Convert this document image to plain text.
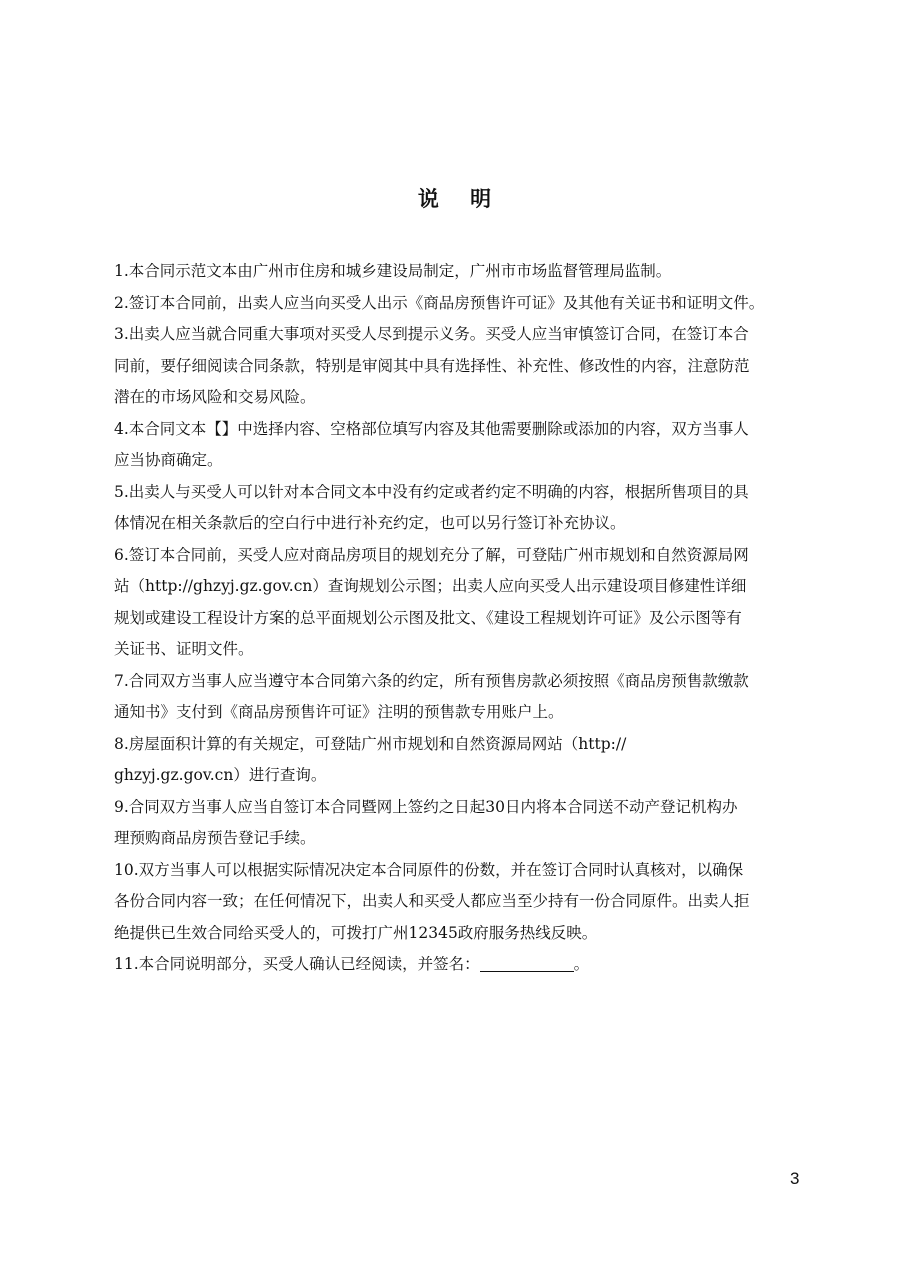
说 明

1.本合同示范文本由广州市住房和城乡建设局制定，广州市市场监督管理局监制。

2.签订本合同前，出卖人应当向买受人出示《商品房预售许可证》及其他有关证书和证明文件。

3.出卖人应当就合同重大事项对买受人尽到提示义务。买受人应当审慎签订合同，在签订本合
同前，要仔细阅读合同条款，特别是审阅其中具有选择性、补充性、修改性的内容，注意防范
潜在的市场风险和交易风险。

4.本合同文本【】中选择内容、空格部位填写内容及其他需要删除或添加的内容，双方当事人
应当协商确定。

5.出卖人与买受人可以针对本合同文本中没有约定或者约定不明确的内容，根据所售项目的具
体情况在相关条款后的空白行中进行补充约定，也可以另行签订补充协议。

6.签订本合同前，买受人应对商品房项目的规划充分了解，可登陆广州市规划和自然资源局网
站（http://ghzyj.gz.gov.cn）查询规划公示图；出卖人应向买受人出示建设项目修建性详细
规划或建设工程设计方案的总平面规划公示图及批文、《建设工程规划许可证》及公示图等有
关证书、证明文件。

7.合同双方当事人应当遵守本合同第六条的约定，所有预售房款必须按照《商品房预售款缴款
通知书》支付到《商品房预售许可证》注明的预售款专用账户上。

8.房屋面积计算的有关规定，可登陆广州市规划和自然资源局网站（http://
ghzyj.gz.gov.cn）进行查询。

9.合同双方当事人应当自签订本合同暨网上签约之日起30日内将本合同送不动产登记机构办
理预购商品房预告登记手续。

10.双方当事人可以根据实际情况决定本合同原件的份数，并在签订合同时认真核对，以确保
各份合同内容一致；在任何情况下，出卖人和买受人都应当至少持有一份合同原件。出卖人拒
绝提供已生效合同给买受人的，可拨打广州12345政府服务热线反映。

11.本合同说明部分，买受人确认已经阅读，并签名：	。

3
